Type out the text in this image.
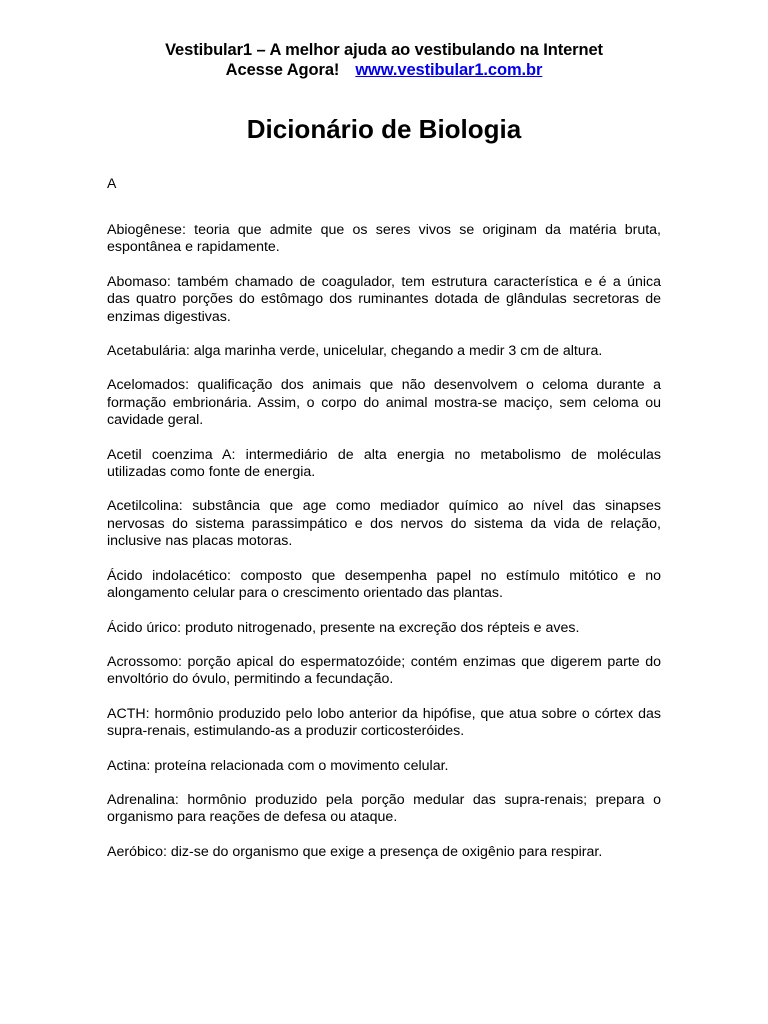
Vestibular1 – A melhor ajuda ao vestibulando na Internet
Acesse Agora! www.vestibular1.com.br
Dicionário de Biologia
A

Abiogênese: teoria que admite que os seres vivos se originam da matéria bruta, espontânea e rapidamente.

Abomaso: também chamado de coagulador, tem estrutura característica e é a única das quatro porções do estômago dos ruminantes dotada de glândulas secretoras de enzimas digestivas.

Acetabulária: alga marinha verde, unicelular, chegando a medir 3 cm de altura.

Acelomados: qualificação dos animais que não desenvolvem o celoma durante a formação embrionária. Assim, o corpo do animal mostra-se maciço, sem celoma ou cavidade geral.

Acetil coenzima A: intermediário de alta energia no metabolismo de moléculas utilizadas como fonte de energia.

Acetilcolina: substância que age como mediador químico ao nível das sinapses nervosas do sistema parassimpático e dos nervos do sistema da vida de relação, inclusive nas placas motoras.

Ácido indolacético: composto que desempenha papel no estímulo mitótico e no alongamento celular para o crescimento orientado das plantas.

Ácido úrico: produto nitrogenado, presente na excreção dos répteis e aves.

Acrossomo: porção apical do espermatozóide; contém enzimas que digerem parte do envoltório do óvulo, permitindo a fecundação.

ACTH: hormônio produzido pelo lobo anterior da hipófise, que atua sobre o córtex das supra-renais, estimulando-as a produzir corticosteróides.

Actina: proteína relacionada com o movimento celular.

Adrenalina: hormônio produzido pela porção medular das supra-renais; prepara o organismo para reações de defesa ou ataque.

Aeróbico: diz-se do organismo que exige a presença de oxigênio para respirar.
